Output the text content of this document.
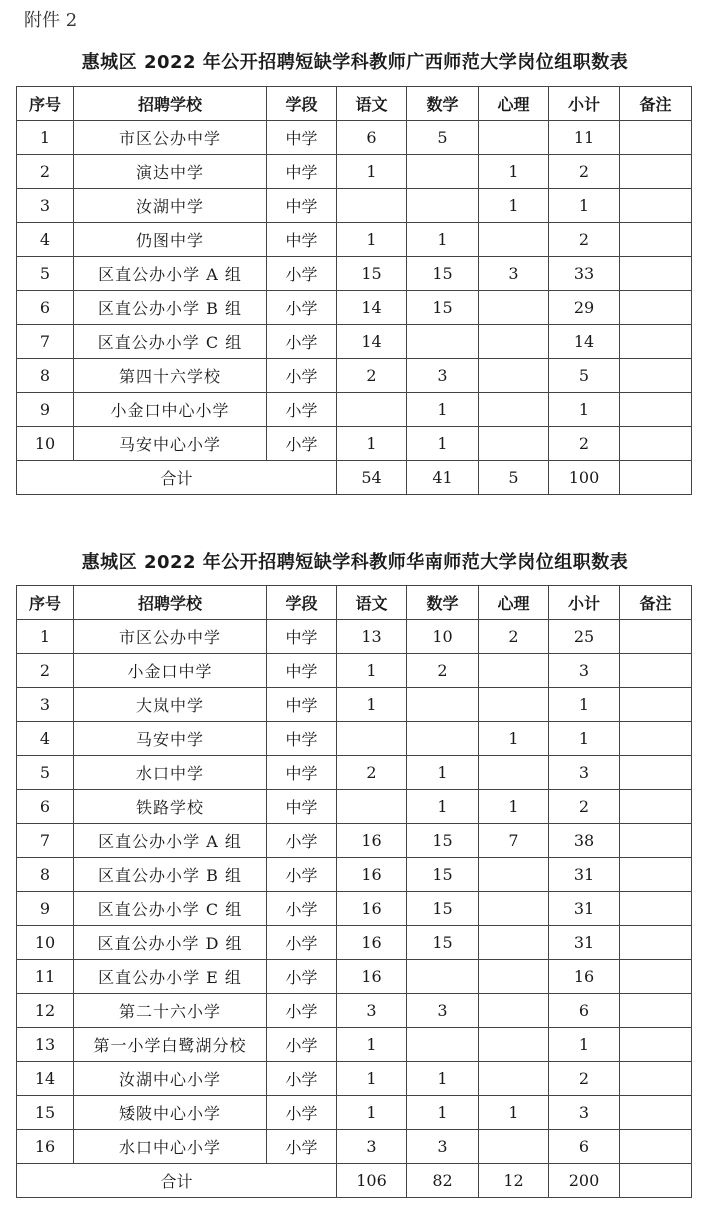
附件 2
惠城区 2022 年公开招聘短缺学科教师广西师范大学岗位组职数表
序号	招聘学校	学段	语文	数学	心理	小计	备注
1	市区公办中学	中学	6	5		11	
2	演达中学	中学	1		1	2	
3	汝湖中学	中学			1	1	
4	仍图中学	中学	1	1		2	
5	区直公办小学 A 组	小学	15	15	3	33	
6	区直公办小学 B 组	小学	14	15		29	
7	区直公办小学 C 组	小学	14			14	
8	第四十六学校	小学	2	3		5	
9	小金口中心小学	小学		1		1	
10	马安中心小学	小学	1	1		2	
合计			54	41	5	100	
惠城区 2022 年公开招聘短缺学科教师华南师范大学岗位组职数表
序号	招聘学校	学段	语文	数学	心理	小计	备注
1	市区公办中学	中学	13	10	2	25	
2	小金口中学	中学	1	2		3	
3	大岚中学	中学	1			1	
4	马安中学	中学			1	1	
5	水口中学	中学	2	1		3	
6	铁路学校	中学		1	1	2	
7	区直公办小学 A 组	小学	16	15	7	38	
8	区直公办小学 B 组	小学	16	15		31	
9	区直公办小学 C 组	小学	16	15		31	
10	区直公办小学 D 组	小学	16	15		31	
11	区直公办小学 E 组	小学	16			16	
12	第二十六小学	小学	3	3		6	
13	第一小学白鹭湖分校	小学	1			1	
14	汝湖中心小学	小学	1	1		2	
15	矮陂中心小学	小学	1	1	1	3	
16	水口中心小学	小学	3	3		6	
合计			106	82	12	200	
